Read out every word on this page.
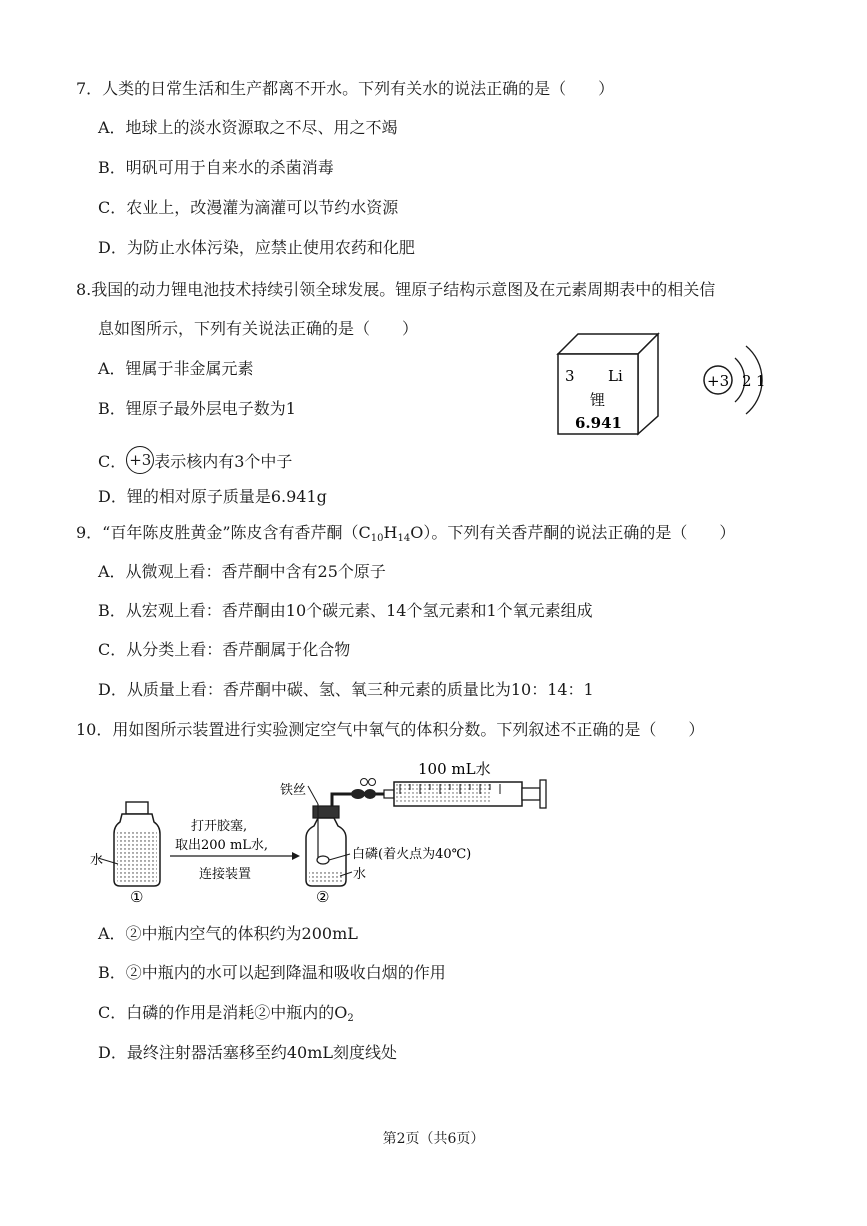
7．人类的日常生活和生产都离不开水。下列有关水的说法正确的是（　　）
A．地球上的淡水资源取之不尽、用之不竭
B．明矾可用于自来水的杀菌消毒
C．农业上，改漫灌为滴灌可以节约水资源
D．为防止水体污染，应禁止使用农药和化肥
8.我国的动力锂电池技术持续引领全球发展。锂原子结构示意图及在元素周期表中的相关信
息如图所示，下列有关说法正确的是（　　）
A．锂属于非金属元素
B．锂原子最外层电子数为1
C． +3 表示核内有3个中子
D．锂的相对原子质量是6.941g
3 Li
锂
6.941
+3 2 1
9．“百年陈皮胜黄金”陈皮含有香芹酮$(C_{10}H_{14}O)$。下列有关香芹酮的说法正确的是（　　）
A．从微观上看：香芹酮中含有25个原子
B．从宏观上看：香芹酮由10个碳元素、14个氢元素和1个氧元素组成
C．从分类上看：香芹酮属于化合物
D．从质量上看：香芹酮中碳、氢、氧三种元素的质量比为10：14：1
10．用如图所示装置进行实验测定空气中氧气的体积分数。下列叙述不正确的是（　　）
水
①
打开胶塞,
取出200 mL水,
连接装置
铁丝
白磷(着火点为40℃)
水
②
100 mL水
A．②中瓶内空气的体积约为200mL
B．②中瓶内的水可以起到降温和吸收白烟的作用
C．白磷的作用是消耗②中瓶内的$O_2$
D．最终注射器活塞移至约40mL刻度线处
第2页（共6页）
